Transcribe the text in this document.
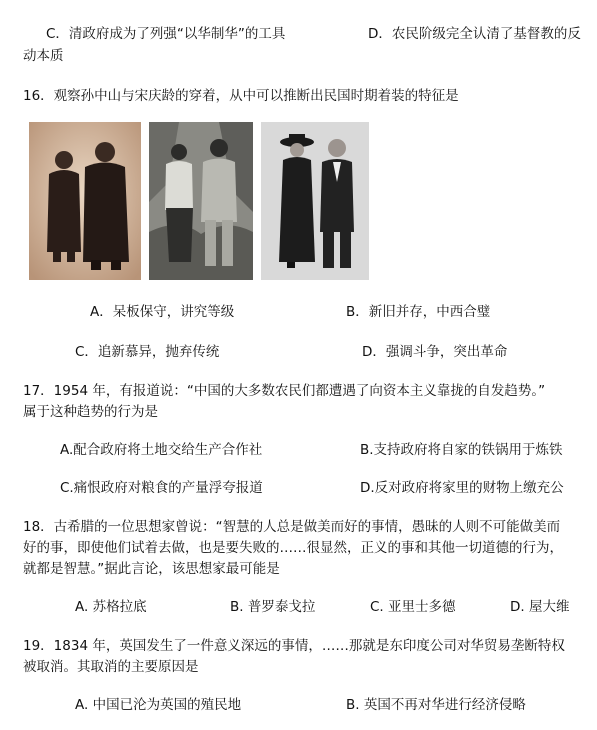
C．清政府成为了列强“以华制华”的工具	D．农民阶级完全认清了基督教的反
动本质
16．观察孙中山与宋庆龄的穿着，从中可以推断出民国时期着装的特征是
A．呆板保守，讲究等级	B．新旧并存，中西合璧
C．追新慕异，抛弃传统	D．强调斗争，突出革命
17．1954 年，有报道说：“中国的大多数农民们都遭遇了向资本主义靠拢的自发趋势。”
属于这种趋势的行为是
A.配合政府将土地交给生产合作社	B.支持政府将自家的铁锅用于炼铁
C.痛恨政府对粮食的产量浮夸报道	D.反对政府将家里的财物上缴充公
18．古希腊的一位思想家曾说：“智慧的人总是做美而好的事情，愚昧的人则不可能做美而
好的事，即使他们试着去做，也是要失败的……很显然，正义的事和其他一切道德的行为，
就都是智慧。”据此言论，该思想家最可能是
A. 苏格拉底	B. 普罗泰戈拉	C. 亚里士多德	D. 屋大维
19．1834 年，英国发生了一件意义深远的事情，……那就是东印度公司对华贸易垄断特权
被取消。其取消的主要原因是
A. 中国已沦为英国的殖民地	B. 英国不再对华进行经济侵略
